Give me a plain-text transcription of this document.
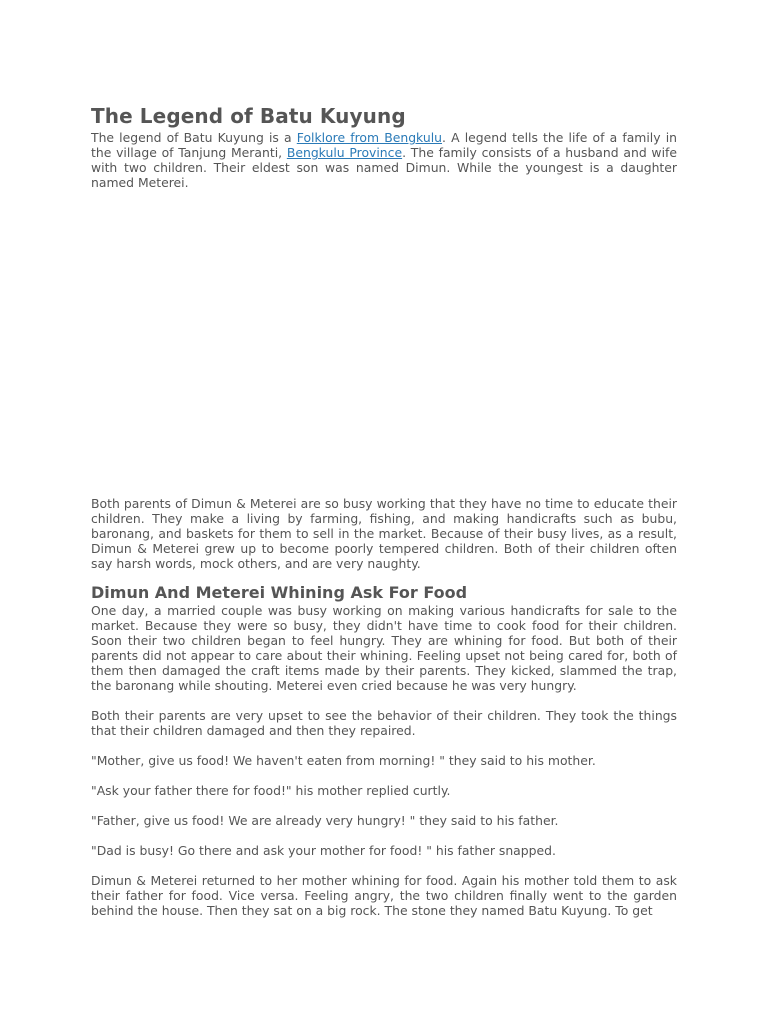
The Legend of Batu Kuyung

The legend of Batu Kuyung is a Folklore from Bengkulu. A legend tells the life of a family in the village of Tanjung Meranti, Bengkulu Province. The family consists of a husband and wife with two children. Their eldest son was named Dimun. While the youngest is a daughter named Meterei.

Both parents of Dimun & Meterei are so busy working that they have no time to educate their children. They make a living by farming, fishing, and making handicrafts such as bubu, baronang, and baskets for them to sell in the market. Because of their busy lives, as a result, Dimun & Meterei grew up to become poorly tempered children. Both of their children often say harsh words, mock others, and are very naughty.

Dimun And Meterei Whining Ask For Food

One day, a married couple was busy working on making various handicrafts for sale to the market. Because they were so busy, they didn't have time to cook food for their children. Soon their two children began to feel hungry. They are whining for food. But both of their parents did not appear to care about their whining. Feeling upset not being cared for, both of them then damaged the craft items made by their parents. They kicked, slammed the trap, the baronang while shouting. Meterei even cried because he was very hungry.

Both their parents are very upset to see the behavior of their children. They took the things that their children damaged and then they repaired.

"Mother, give us food! We haven't eaten from morning! " they said to his mother.

"Ask your father there for food!" his mother replied curtly.

"Father, give us food! We are already very hungry! " they said to his father.

"Dad is busy! Go there and ask your mother for food! " his father snapped.

Dimun & Meterei returned to her mother whining for food. Again his mother told them to ask their father for food. Vice versa. Feeling angry, the two children finally went to the garden behind the house. Then they sat on a big rock. The stone they named Batu Kuyung. To get
